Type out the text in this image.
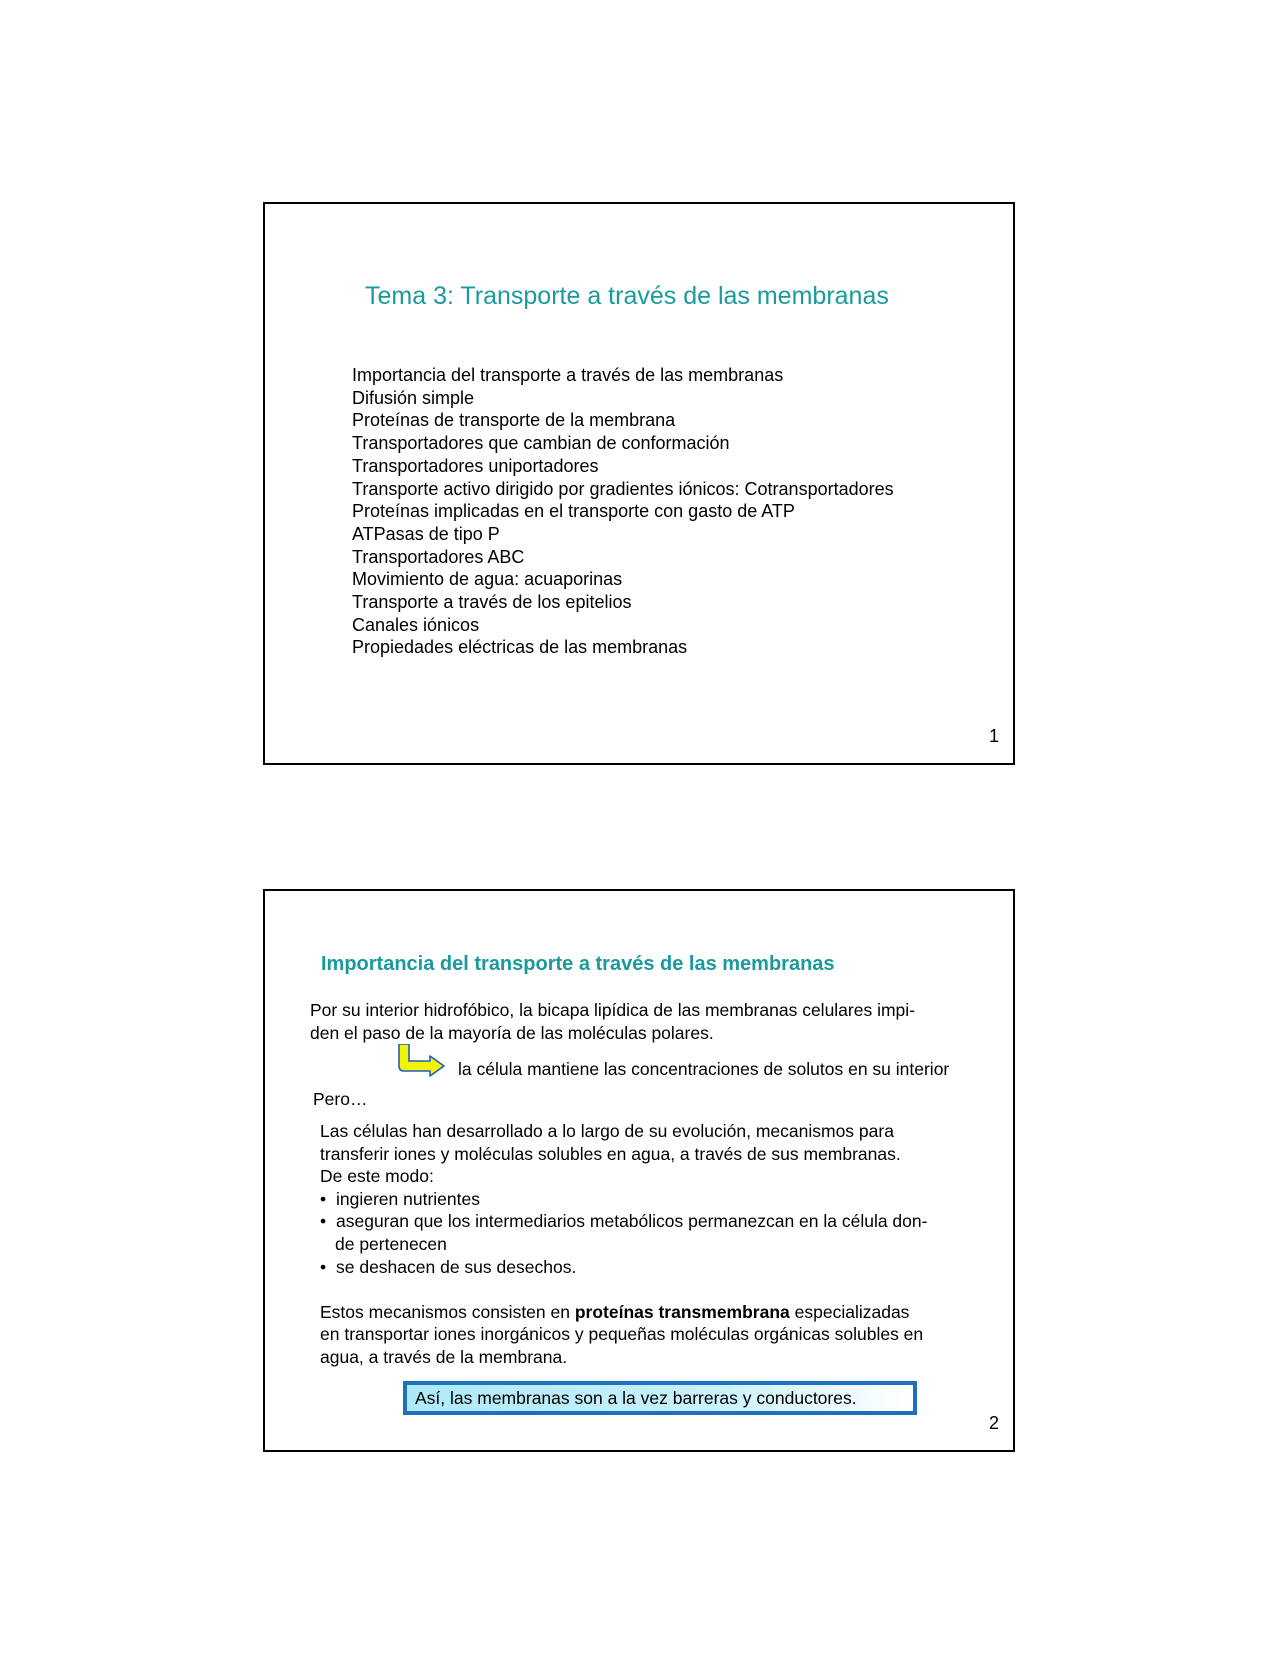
Tema 3: Transporte a través de las membranas
Importancia del transporte a través de las membranas
Difusión simple
Proteínas de transporte de la membrana
Transportadores que cambian de conformación
Transportadores uniportadores
Transporte activo dirigido por gradientes iónicos: Cotransportadores
Proteínas implicadas en el transporte con gasto de ATP
ATPasas de tipo P
Transportadores ABC
Movimiento de agua: acuaporinas
Transporte a través de los epitelios
Canales iónicos
Propiedades eléctricas de las membranas
1
Importancia del transporte a través de las membranas
Por su interior hidrofóbico, la bicapa lipídica de las membranas celulares impi-
den el paso de la mayoría de las moléculas polares.
la célula mantiene las concentraciones de solutos en su interior
Pero…
Las células han desarrollado a lo largo de su evolución, mecanismos para
transferir iones y moléculas solubles en agua, a través de sus membranas.
De este modo:
• ingieren nutrientes
• aseguran que los intermediarios metabólicos permanezcan en la célula don-
de pertenecen
• se deshacen de sus desechos.
Estos mecanismos consisten en proteínas transmembrana especializadas
en transportar iones inorgánicos y pequeñas moléculas orgánicas solubles en
agua, a través de la membrana.
Así, las membranas son a la vez barreras y conductores.
2
